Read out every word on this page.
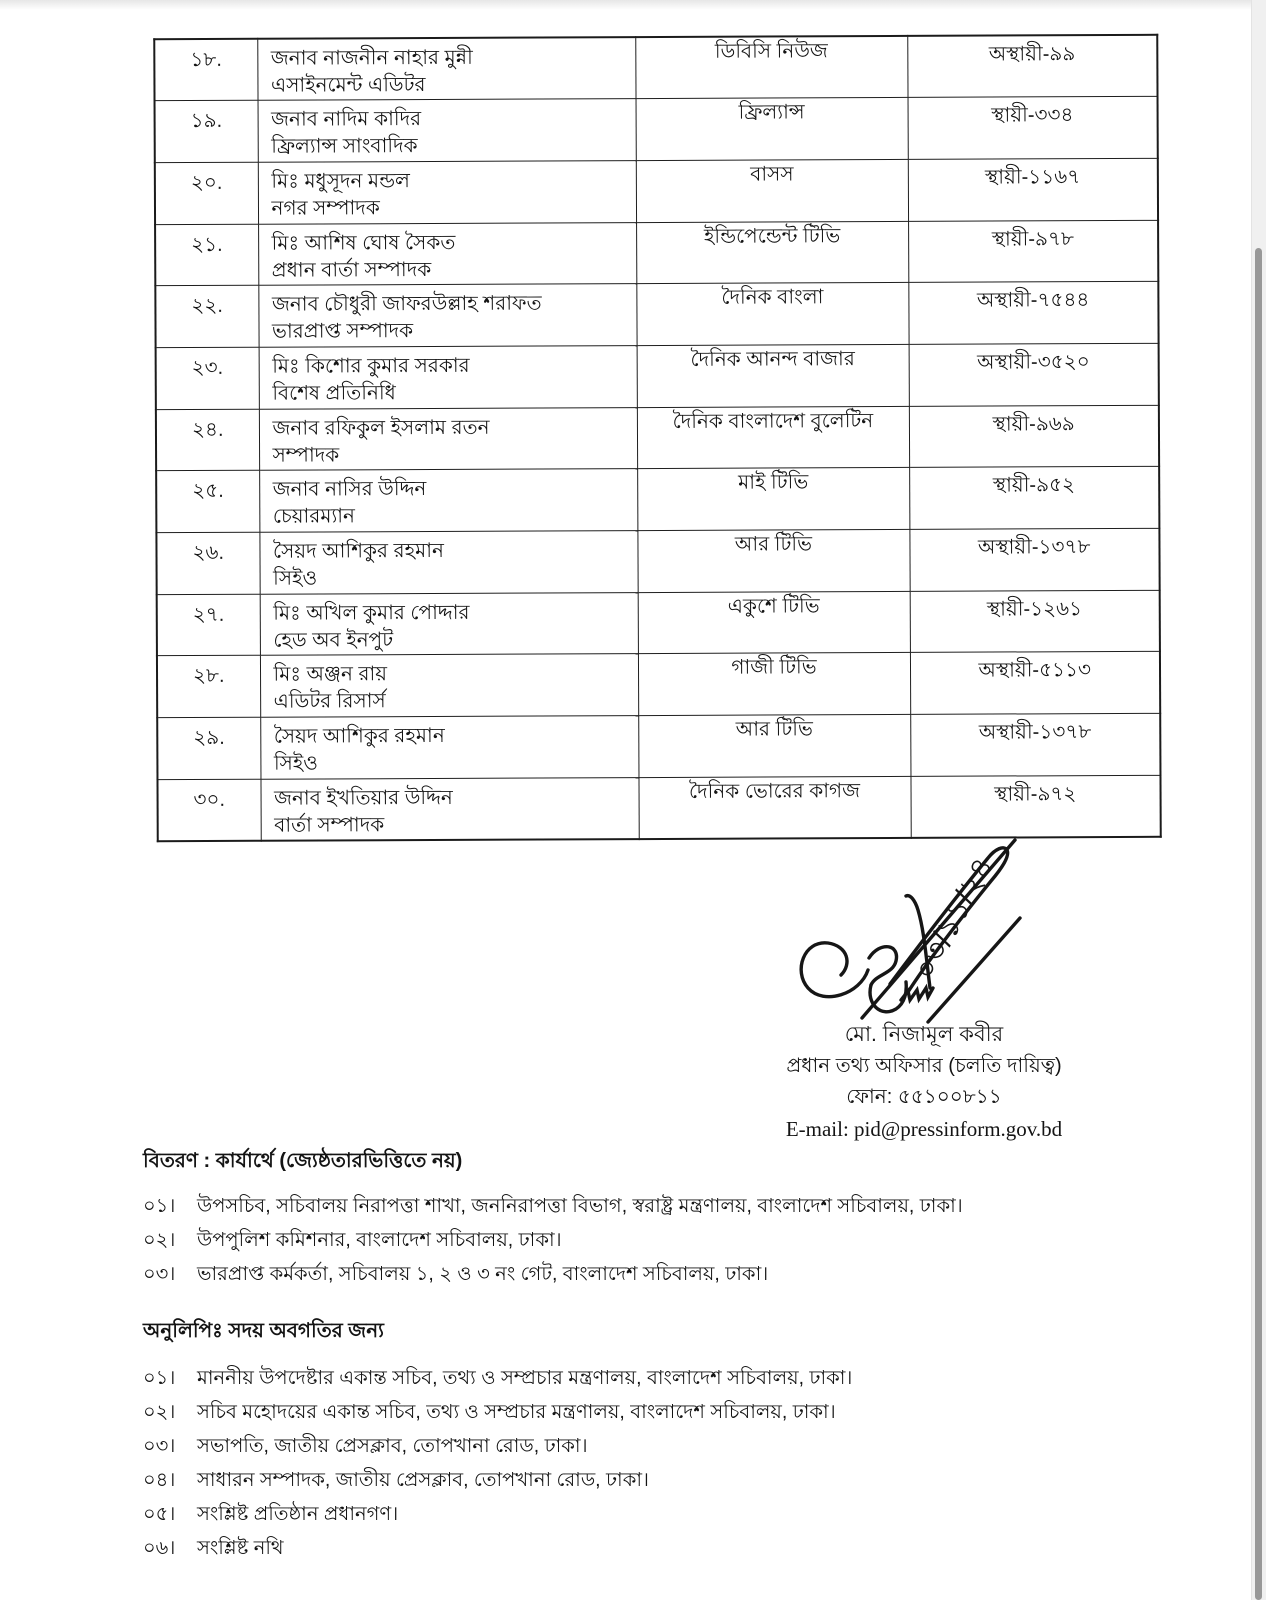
১৮.	জনাব নাজনীন নাহার মুন্নী
এসাইনমেন্ট এডিটর	ডিবিসি নিউজ	অস্থায়ী-৯৯
১৯.	জনাব নাদিম কাদির
ফ্রিল্যান্স সাংবাদিক	ফ্রিল্যান্স	স্থায়ী-৩৩৪
২০.	মিঃ মধুসূদন মন্ডল
নগর সম্পাদক	বাসস	স্থায়ী-১১৬৭
২১.	মিঃ আশিষ ঘোষ সৈকত
প্রধান বার্তা সম্পাদক	ইন্ডিপেন্ডেন্ট টিভি	স্থায়ী-৯৭৮
২২.	জনাব চৌধুরী জাফরউল্লাহ শরাফত
ভারপ্রাপ্ত সম্পাদক	দৈনিক বাংলা	অস্থায়ী-৭৫৪৪
২৩.	মিঃ কিশোর কুমার সরকার
বিশেষ প্রতিনিধি	দৈনিক আনন্দ বাজার	অস্থায়ী-৩৫২০
২৪.	জনাব রফিকুল ইসলাম রতন
সম্পাদক	দৈনিক বাংলাদেশ বুলেটিন	স্থায়ী-৯৬৯
২৫.	জনাব নাসির উদ্দিন
চেয়ারম্যান	মাই টিভি	স্থায়ী-৯৫২
২৬.	সৈয়দ আশিকুর রহমান
সিইও	আর টিভি	অস্থায়ী-১৩৭৮
২৭.	মিঃ অখিল কুমার পোদ্দার
হেড অব ইনপুট	একুশে টিভি	স্থায়ী-১২৬১
২৮.	মিঃ অঞ্জন রায়
এডিটর রিসার্স	গাজী টিভি	অস্থায়ী-৫১১৩
২৯.	সৈয়দ আশিকুর রহমান
সিইও	আর টিভি	অস্থায়ী-১৩৭৮
৩০.	জনাব ইখতিয়ার উদ্দিন
বার্তা সম্পাদক	দৈনিক ভোরের কাগজ	স্থায়ী-৯৭২
০৩/১১/২৪
মো. নিজামূল কবীর
প্রধান তথ্য অফিসার (চলতি দায়িত্ব)
ফোন: ৫৫১০০৮১১
E-mail: pid@pressinform.gov.bd
বিতরণ : কার্যার্থে (জ্যেষ্ঠতারভিত্তিতে নয়)
০১।	উপসচিব, সচিবালয় নিরাপত্তা শাখা, জননিরাপত্তা বিভাগ, স্বরাষ্ট্র মন্ত্রণালয়, বাংলাদেশ সচিবালয়, ঢাকা।
০২।	উপপুলিশ কমিশনার, বাংলাদেশ সচিবালয়, ঢাকা।
০৩।	ভারপ্রাপ্ত কর্মকর্তা, সচিবালয় ১, ২ ও ৩ নং গেট, বাংলাদেশ সচিবালয়, ঢাকা।
অনুলিপিঃ সদয় অবগতির জন্য
০১।	মাননীয় উপদেষ্টার একান্ত সচিব, তথ্য ও সম্প্রচার মন্ত্রণালয়, বাংলাদেশ সচিবালয়, ঢাকা।
০২।	সচিব মহোদয়ের একান্ত সচিব, তথ্য ও সম্প্রচার মন্ত্রণালয়, বাংলাদেশ সচিবালয়, ঢাকা।
০৩।	সভাপতি, জাতীয় প্রেসক্লাব, তোপখানা রোড, ঢাকা।
০৪।	সাধারন সম্পাদক, জাতীয় প্রেসক্লাব, তোপখানা রোড, ঢাকা।
০৫।	সংশ্লিষ্ট প্রতিষ্ঠান প্রধানগণ।
০৬।	সংশ্লিষ্ট নথি
